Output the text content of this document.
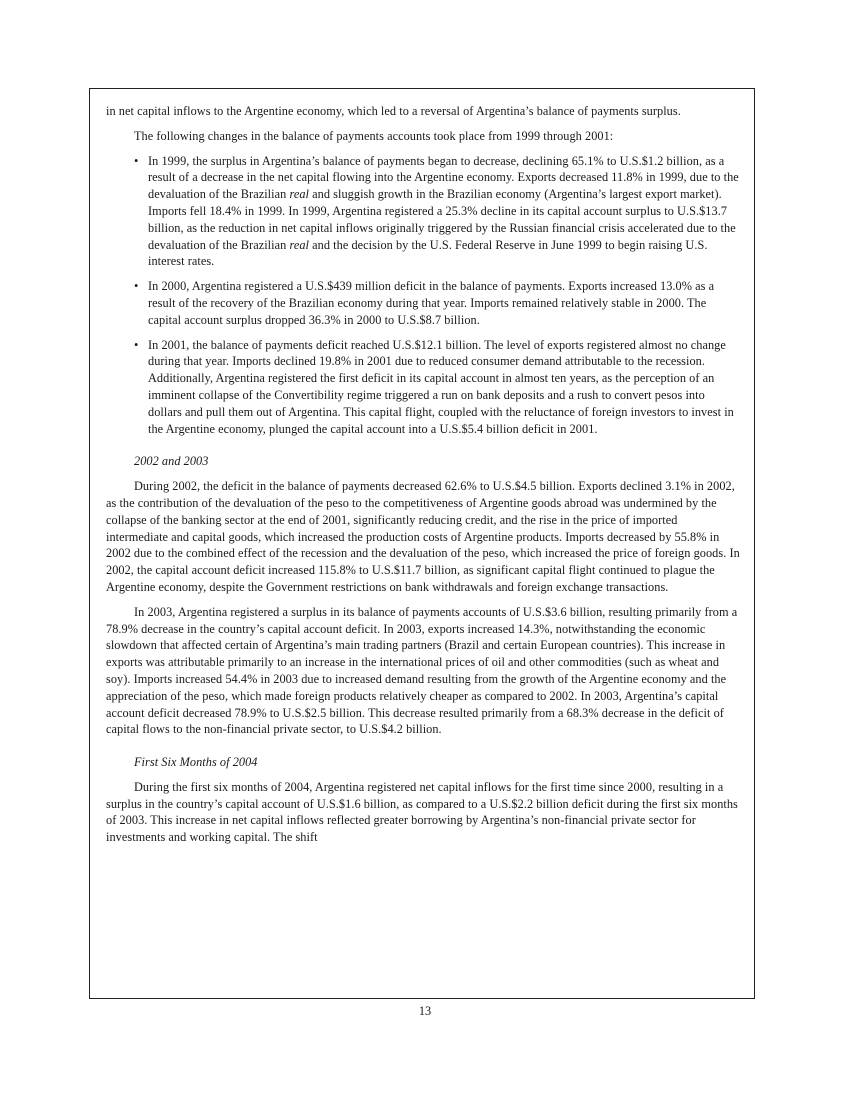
in net capital inflows to the Argentine economy, which led to a reversal of Argentina’s balance of payments surplus.

The following changes in the balance of payments accounts took place from 1999 through 2001:

• In 1999, the surplus in Argentina’s balance of payments began to decrease, declining 65.1% to U.S.$1.2 billion, as a result of a decrease in the net capital flowing into the Argentine economy. Exports decreased 11.8% in 1999, due to the devaluation of the Brazilian real and sluggish growth in the Brazilian economy (Argentina’s largest export market). Imports fell 18.4% in 1999. In 1999, Argentina registered a 25.3% decline in its capital account surplus to U.S.$13.7 billion, as the reduction in net capital inflows originally triggered by the Russian financial crisis accelerated due to the devaluation of the Brazilian real and the decision by the U.S. Federal Reserve in June 1999 to begin raising U.S. interest rates.
• In 2000, Argentina registered a U.S.$439 million deficit in the balance of payments. Exports increased 13.0% as a result of the recovery of the Brazilian economy during that year. Imports remained relatively stable in 2000. The capital account surplus dropped 36.3% in 2000 to U.S.$8.7 billion.
• In 2001, the balance of payments deficit reached U.S.$12.1 billion. The level of exports registered almost no change during that year. Imports declined 19.8% in 2001 due to reduced consumer demand attributable to the recession. Additionally, Argentina registered the first deficit in its capital account in almost ten years, as the perception of an imminent collapse of the Convertibility regime triggered a run on bank deposits and a rush to convert pesos into dollars and pull them out of Argentina. This capital flight, coupled with the reluctance of foreign investors to invest in the Argentine economy, plunged the capital account into a U.S.$5.4 billion deficit in 2001.

2002 and 2003

During 2002, the deficit in the balance of payments decreased 62.6% to U.S.$4.5 billion. Exports declined 3.1% in 2002, as the contribution of the devaluation of the peso to the competitiveness of Argentine goods abroad was undermined by the collapse of the banking sector at the end of 2001, significantly reducing credit, and the rise in the price of imported intermediate and capital goods, which increased the production costs of Argentine products. Imports decreased by 55.8% in 2002 due to the combined effect of the recession and the devaluation of the peso, which increased the price of foreign goods. In 2002, the capital account deficit increased 115.8% to U.S.$11.7 billion, as significant capital flight continued to plague the Argentine economy, despite the Government restrictions on bank withdrawals and foreign exchange transactions.

In 2003, Argentina registered a surplus in its balance of payments accounts of U.S.$3.6 billion, resulting primarily from a 78.9% decrease in the country’s capital account deficit. In 2003, exports increased 14.3%, notwithstanding the economic slowdown that affected certain of Argentina’s main trading partners (Brazil and certain European countries). This increase in exports was attributable primarily to an increase in the international prices of oil and other commodities (such as wheat and soy). Imports increased 54.4% in 2003 due to increased demand resulting from the growth of the Argentine economy and the appreciation of the peso, which made foreign products relatively cheaper as compared to 2002. In 2003, Argentina’s capital account deficit decreased 78.9% to U.S.$2.5 billion. This decrease resulted primarily from a 68.3% decrease in the deficit of capital flows to the non-financial private sector, to U.S.$4.2 billion.

First Six Months of 2004

During the first six months of 2004, Argentina registered net capital inflows for the first time since 2000, resulting in a surplus in the country’s capital account of U.S.$1.6 billion, as compared to a U.S.$2.2 billion deficit during the first six months of 2003. This increase in net capital inflows reflected greater borrowing by Argentina’s non-financial private sector for investments and working capital. The shift

13
